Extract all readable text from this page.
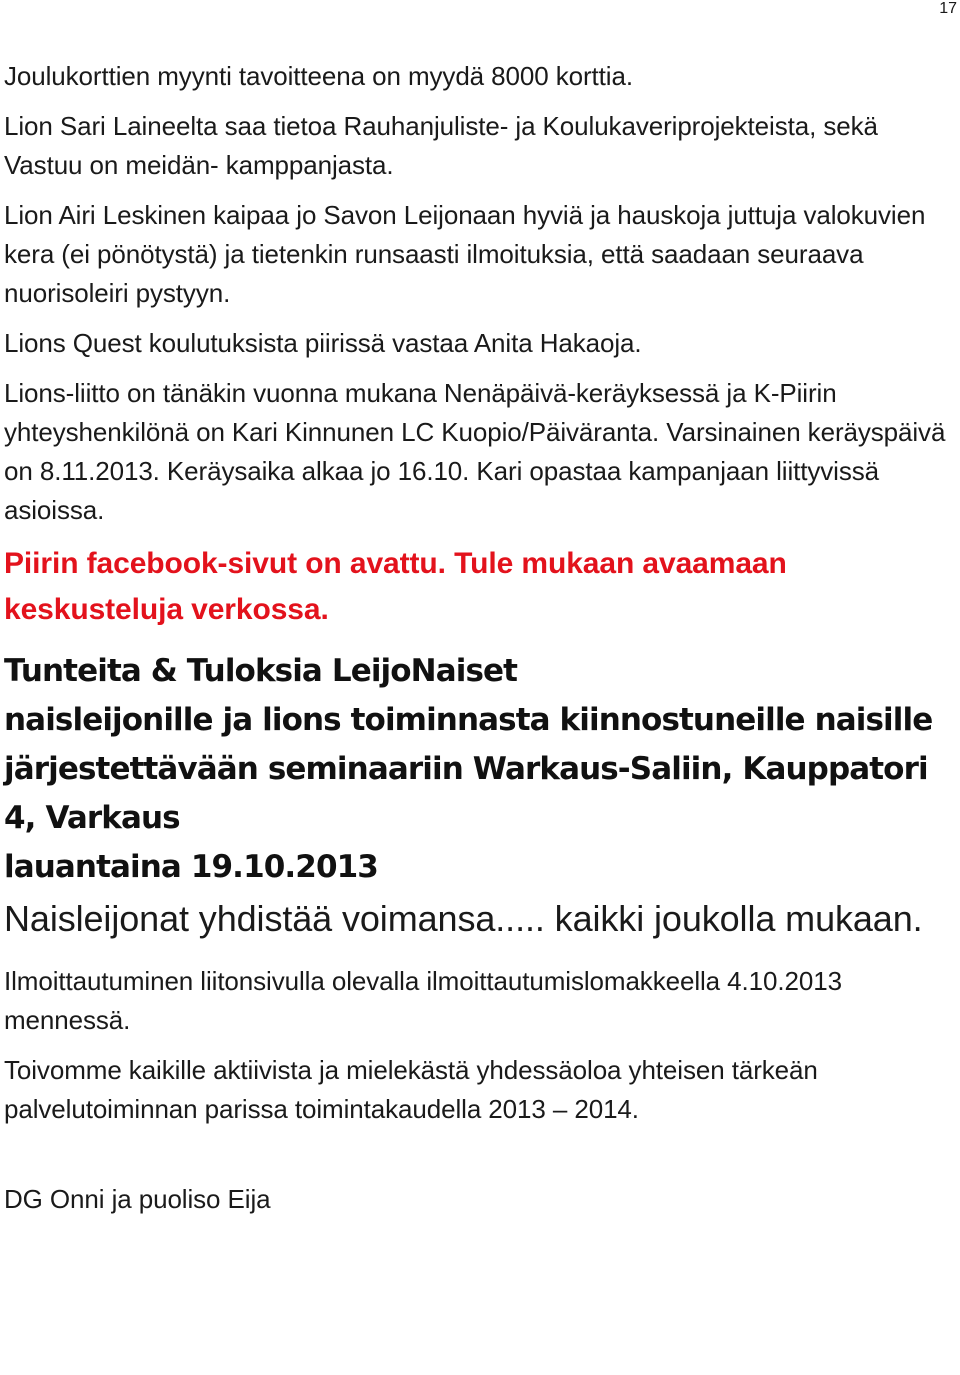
17

Joulukorttien myynti tavoitteena on myydä 8000 korttia.

Lion Sari Laineelta saa tietoa Rauhanjuliste- ja Koulukaveriprojekteista, sekä Vastuu on meidän- kamppanjasta.

Lion Airi Leskinen kaipaa jo Savon Leijonaan hyviä ja hauskoja juttuja valokuvien kera (ei pönötystä) ja tietenkin runsaasti ilmoituksia, että saadaan seuraava nuorisoleiri pystyyn.

Lions Quest koulutuksista piirissä vastaa Anita Hakaoja.

Lions-liitto on tänäkin vuonna mukana Nenäpäivä-keräyksessä ja K-Piirin yhteyshenkilönä on Kari Kinnunen LC Kuopio/Päiväranta. Varsinainen keräyspäivä on 8.11.2013. Keräysaika alkaa jo 16.10. Kari opastaa kampanjaan liittyvissä asioissa.

Piirin facebook-sivut on avattu. Tule mukaan avaamaan keskusteluja verkossa.

Tunteita & Tuloksia LeijoNaiset

naisleijonille ja lions toiminnasta kiinnostuneille naisille järjestettävään seminaariin Warkaus-Saliin, Kauppatori 4, Varkaus

lauantaina 19.10.2013

Naisleijonat yhdistää voimansa..... kaikki joukolla mukaan.

Ilmoittautuminen liitonsivulla olevalla ilmoittautumislomakkeella 4.10.2013 mennessä.

Toivomme kaikille aktiivista ja mielekästä yhdessäoloa yhteisen tärkeän palvelutoiminnan parissa toimintakaudella 2013 – 2014.

DG Onni ja puoliso Eija
